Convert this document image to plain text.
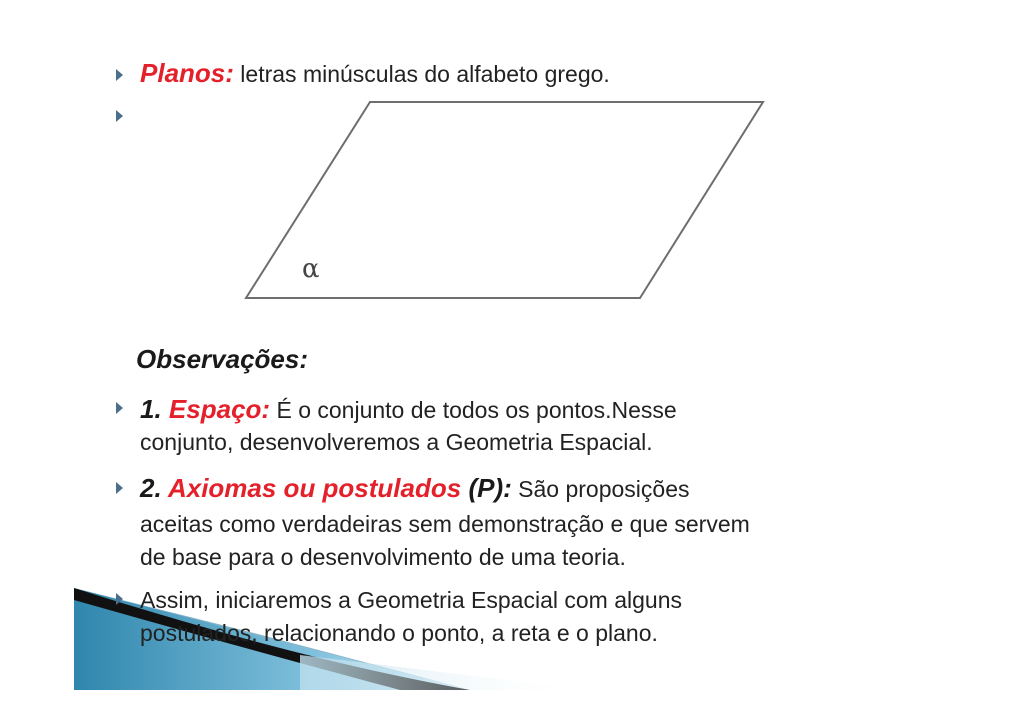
Planos: letras minúsculas do alfabeto grego.
α
Observações:
1. Espaço: É o conjunto de todos os pontos.Nesse
conjunto, desenvolveremos a Geometria Espacial.
2. Axiomas ou postulados (P): São proposições
aceitas como verdadeiras sem demonstração e que servem
de base para o desenvolvimento de uma teoria.
Assim, iniciaremos a Geometria Espacial com alguns
postulados, relacionando o ponto, a reta e o plano.
